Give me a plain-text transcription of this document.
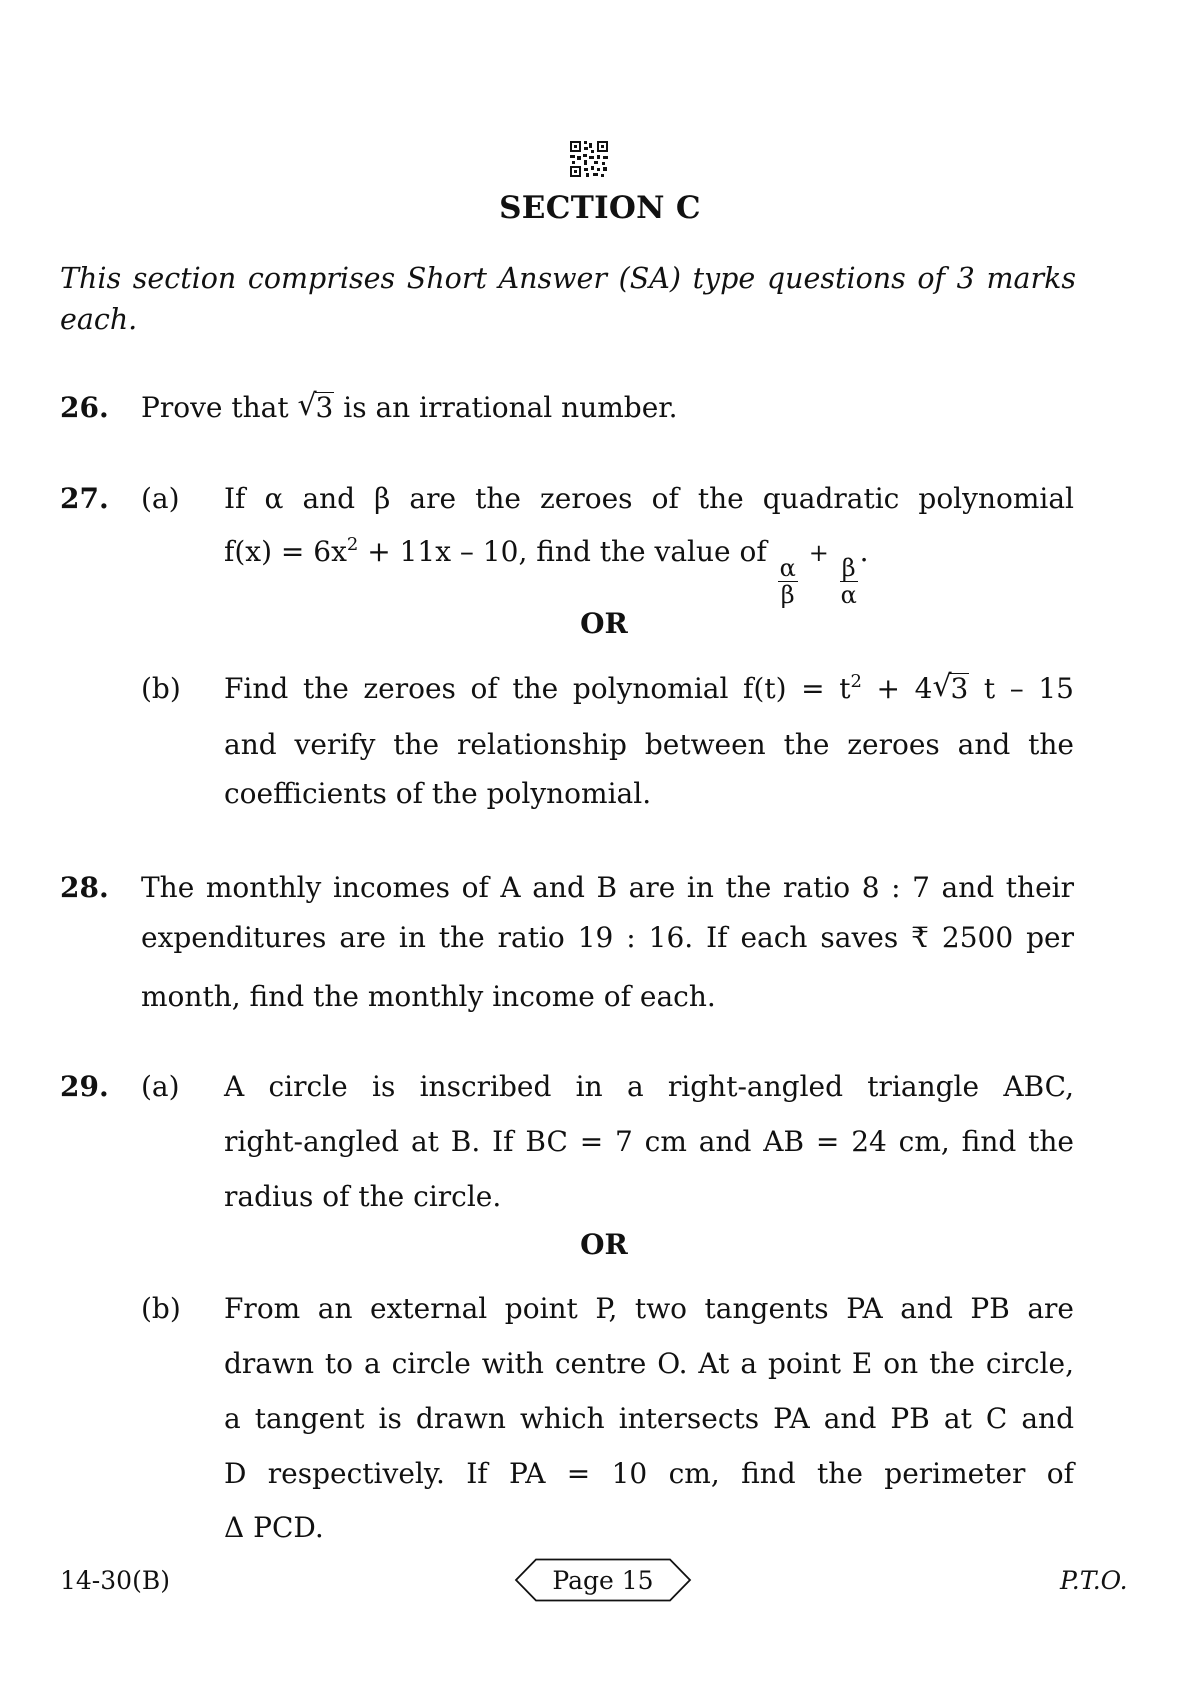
SECTION C
This section comprises Short Answer (SA) type questions of 3 marks
each.
26. Prove that √
3 is an irrational number.
27. (a) If α and β are the zeroes of the quadratic polynomial
$f(x) = 6x^2 + 11x - 10$, find the value of
$\frac{\alpha}{\beta}$
+
$\frac{\beta}{\alpha}$
.
OR
(b) Find the zeroes of the polynomial $f(t) = t^2 + 4$ √
3 t – 15
and verify the relationship between the zeroes and the
coefficients of the polynomial.
28. The monthly incomes of A and B are in the ratio 8 : 7 and their
expenditures are in the ratio 19 : 16. If each saves ₹ 2500 per
month, find the monthly income of each.
29. (a) A circle is inscribed in a right-angled triangle ABC,
right-angled at B. If BC = 7 cm and AB = 24 cm, find the
radius of the circle.
OR
(b) From an external point P, two tangents PA and PB are
drawn to a circle with centre O. At a point E on the circle,
a tangent is drawn which intersects PA and PB at C and
D respectively. If PA = 10 cm, find the perimeter of
Δ PCD.
14-30(B)	Page 15	P.T.O.
